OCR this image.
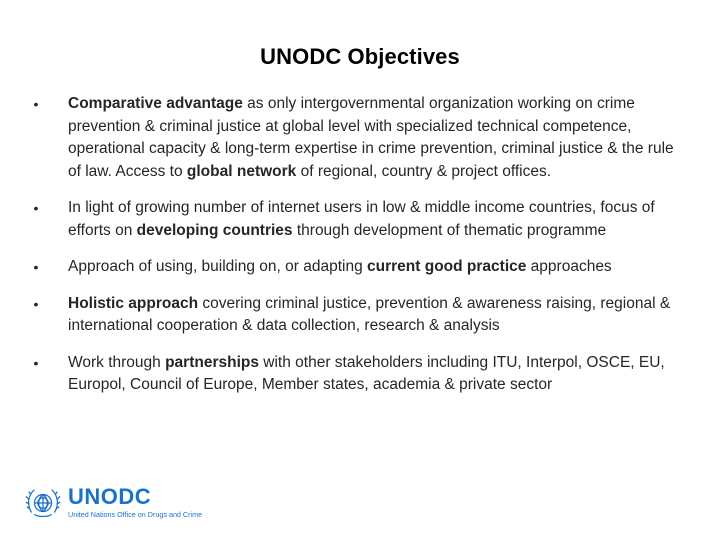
UNODC Objectives
• Comparative advantage as only intergovernmental organization working on crime prevention & criminal justice at global level with specialized technical competence, operational capacity & long-term expertise in crime prevention, criminal justice & the rule of law. Access to global network of regional, country & project offices.
• In light of growing number of internet users in low & middle income countries, focus of efforts on developing countries through development of thematic programme
• Approach of using, building on, or adapting current good practice approaches
• Holistic approach covering criminal justice, prevention & awareness raising, regional & international cooperation & data collection, research & analysis
• Work through partnerships with other stakeholders including ITU, Interpol, OSCE, EU, Europol, Council of Europe, Member states, academia & private sector
UNODC
United Nations Office on Drugs and Crime
